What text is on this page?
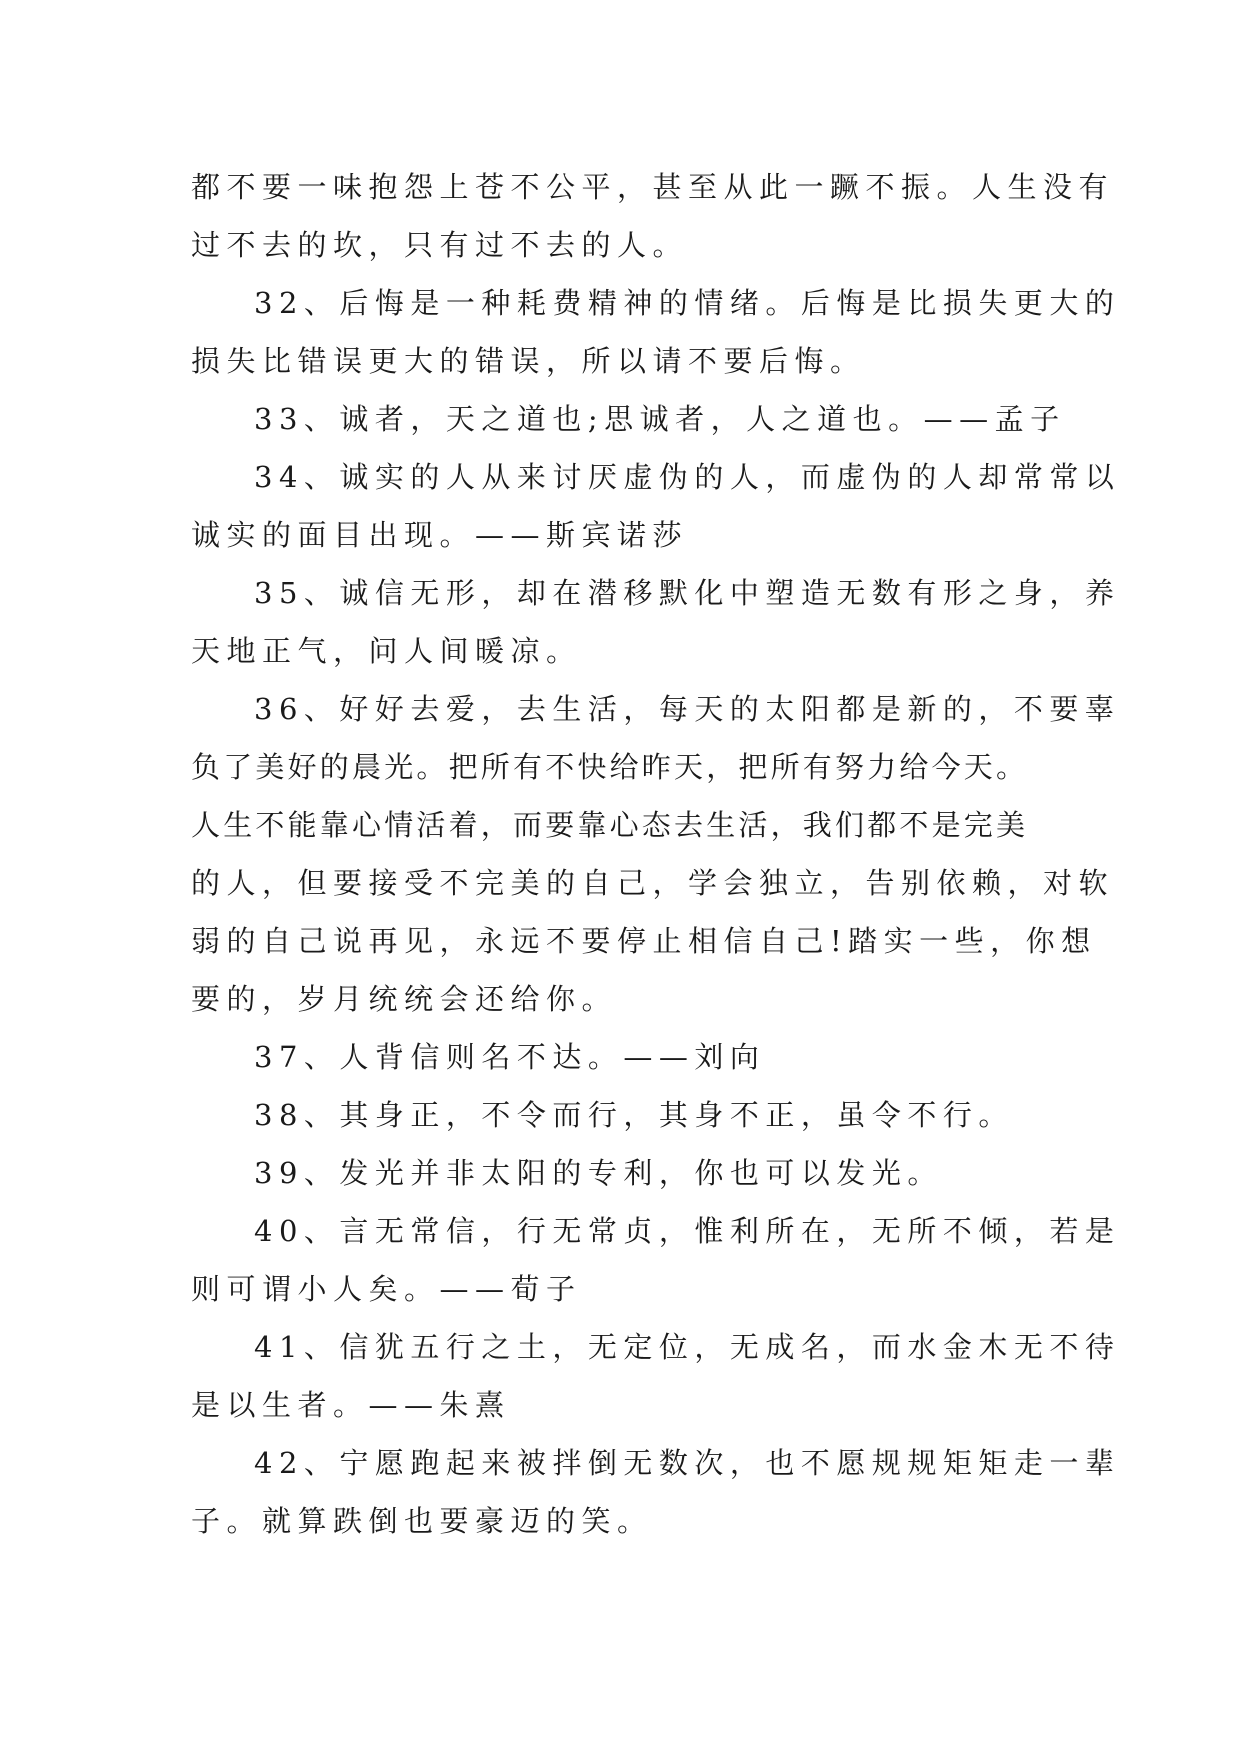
都不要一味抱怨上苍不公平，甚至从此一蹶不振。人生没有
过不去的坎，只有过不去的人。
32、后悔是一种耗费精神的情绪。后悔是比损失更大的
损失比错误更大的错误，所以请不要后悔。
33、诚者，天之道也;思诚者，人之道也。——孟子
34、诚实的人从来讨厌虚伪的人，而虚伪的人却常常以
诚实的面目出现。——斯宾诺莎
35、诚信无形，却在潜移默化中塑造无数有形之身，养
天地正气，问人间暖凉。
36、好好去爱，去生活，每天的太阳都是新的，不要辜
负了美好的晨光。把所有不快给昨天，把所有努力给今天。
人生不能靠心情活着，而要靠心态去生活，我们都不是完美
的人，但要接受不完美的自己，学会独立，告别依赖，对软
弱的自己说再见，永远不要停止相信自己!踏实一些，你想
要的，岁月统统会还给你。
37、人背信则名不达。——刘向
38、其身正，不令而行，其身不正，虽令不行。
39、发光并非太阳的专利，你也可以发光。
40、言无常信，行无常贞，惟利所在，无所不倾，若是
则可谓小人矣。——荀子
41、信犹五行之土，无定位，无成名，而水金木无不待
是以生者。——朱熹
42、宁愿跑起来被拌倒无数次，也不愿规规矩矩走一辈
子。就算跌倒也要豪迈的笑。
